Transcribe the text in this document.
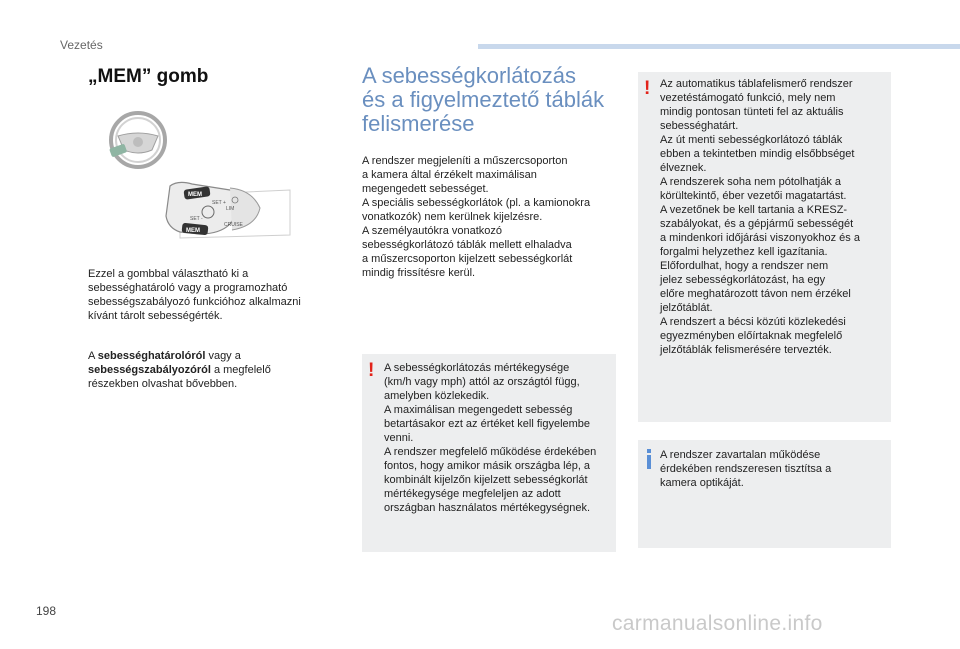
Vezetés
„MEM” gomb
MEM
MEM
SET +
SET -
LIM
CRUISE

Ezzel a gombbal választható ki a

sebességhatároló vagy a programozható

sebességszabályozó funkcióhoz alkalmazni

kívánt tárolt sebességérték.

A sebességhatárolóról vagy a

sebességszabályozóról a megfelelő

részekben olvashat bővebben.

A sebességkorlátozás
és a figyelmeztető táblák
felismerése

A rendszer megjeleníti a műszercsoporton

a kamera által érzékelt maximálisan

megengedett sebességet.

A speciális sebességkorlátok (pl. a kamionokra

vonatkozók) nem kerülnek kijelzésre.

A személyautókra vonatkozó

sebességkorlátozó táblák mellett elhaladva

a műszercsoporton kijelzett sebességkorlát

mindig frissítésre kerül.

! A sebességkorlátozás mértékegysége

(km/h vagy mph) attól az országtól függ,

amelyben közlekedik.

A maximálisan megengedett sebesség

betartásakor ezt az értéket kell figyelembe

venni.

A rendszer megfelelő működése érdekében

fontos, hogy amikor másik országba lép, a

kombinált kijelzőn kijelzett sebességkorlát

mértékegysége megfeleljen az adott

országban használatos mértékegységnek.

! Az automatikus táblafelismerő rendszer

vezetéstámogató funkció, mely nem

mindig pontosan tünteti fel az aktuális

sebességhatárt.

Az út menti sebességkorlátozó táblák

ebben a tekintetben mindig elsőbbséget

élveznek.

A rendszerek soha nem pótolhatják a

körültekintő, éber vezetői magatartást.

A vezetőnek be kell tartania a KRESZ-

szabályokat, és a gépjármű sebességét

a mindenkori időjárási viszonyokhoz és a

forgalmi helyzethez kell igazítania.

Előfordulhat, hogy a rendszer nem

jelez sebességkorlátozást, ha egy

előre meghatározott távon nem érzékel

jelzőtáblát.

A rendszert a bécsi közúti közlekedési

egyezményben előírtaknak megfelelő

jelzőtáblák felismerésére tervezték.

A rendszer zavartalan működése

érdekében rendszeresen tisztítsa a

kamera optikáját.

198
carmanualsonline.info
